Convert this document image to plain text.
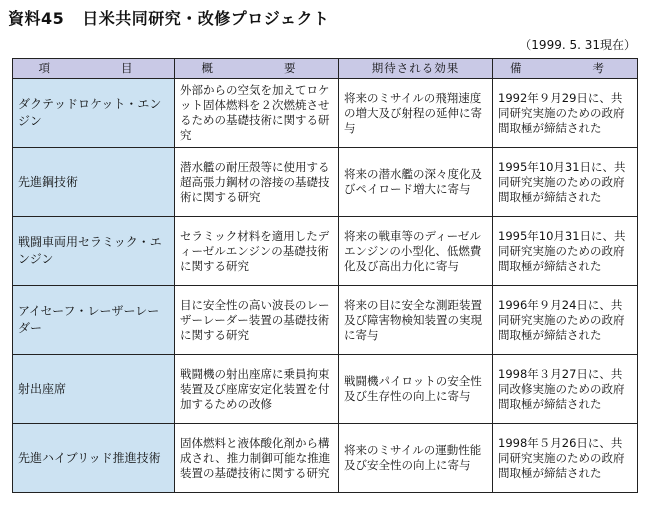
資料45 日米共同研究・改修プロジェクト
（1999. 5. 31現在）
項　　目	概　　要	期待される効果	備　　考

ダクテッドロケット・エンジン	外部からの空気を加えてロケット固体燃料を２次燃焼させるための基礎技術に関する研究	将来のミサイルの飛翔速度の増大及び射程の延伸に寄与	1992年９月29日に、共同研究実施のための政府間取極が締結された

先進鋼技術	潜水艦の耐圧殻等に使用する超高張力鋼材の溶接の基礎技術に関する研究	将来の潜水艦の深々度化及びペイロード増大に寄与	1995年10月31日に、共同研究実施のための政府間取極が締結された

戦闘車両用セラミック・エンジン	セラミック材料を適用したディーゼルエンジンの基礎技術に関する研究	将来の戦車等のディーゼルエンジンの小型化、低燃費化及び高出力化に寄与	1995年10月31日に、共同研究実施のための政府間取極が締結された

アイセーフ・レーザーレーダー	目に安全性の高い波長のレーザーレーダー装置の基礎技術に関する研究	将来の目に安全な測距装置及び障害物検知装置の実現に寄与	1996年９月24日に、共同研究実施のための政府間取極が締結された

射出座席	戦闘機の射出座席に乗員拘束装置及び座席安定化装置を付加するための改修	戦闘機パイロットの安全性及び生存性の向上に寄与	1998年３月27日に、共同改修実施のための政府間取極が締結された

先進ハイブリッド推進技術	固体燃料と液体酸化剤から構成され、推力制御可能な推進装置の基礎技術に関する研究	将来のミサイルの運動性能及び安全性の向上に寄与	1998年５月26日に、共同研究実施のための政府間取極が締結された
